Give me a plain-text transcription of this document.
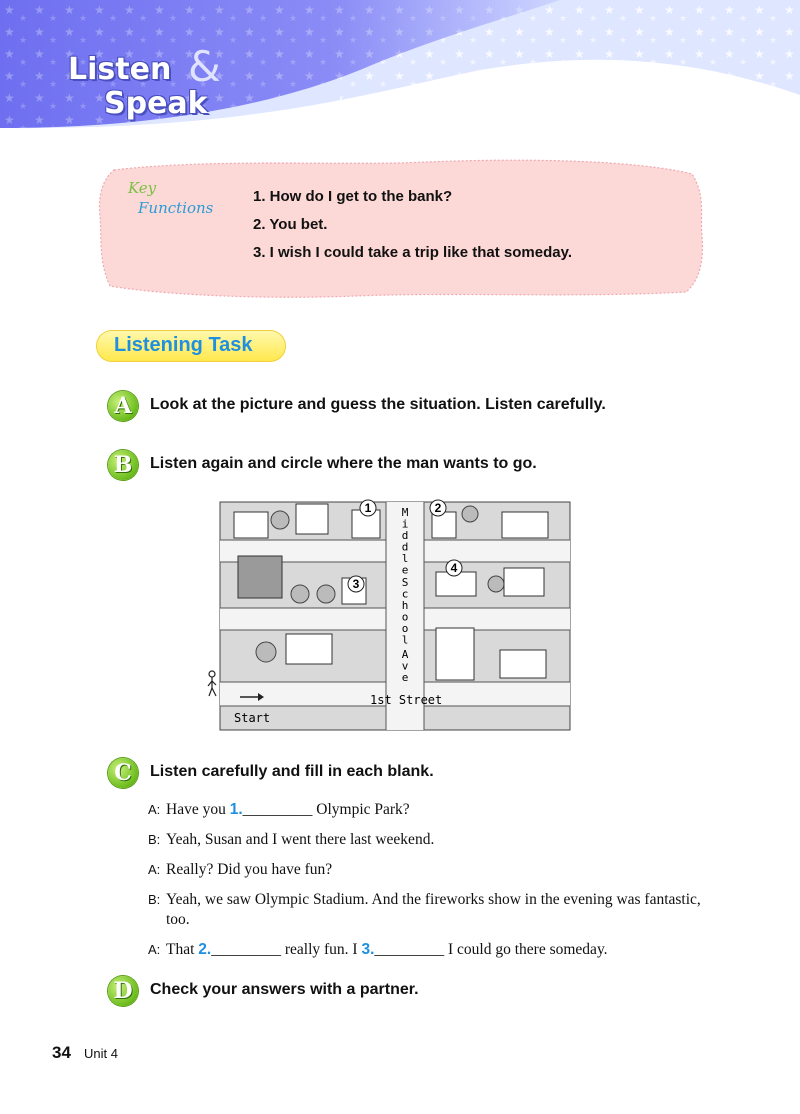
Listen &
Speak
Key
Functions
1. How do I get to the bank?
2. You bet.
3. I wish I could take a trip like that someday.
Listening Task
A	Look at the picture and guess the situation. Listen carefully.
B	Listen again and circle where the man wants to go.
1	2
3
4
M
i
d
d
l
e
S
c
h
o
o
l
A
v
e
1st Street
Start
C	Listen carefully and fill in each blank.
A: Have you 1._________ Olympic Park?
B: Yeah, Susan and I went there last weekend.
A: Really? Did you have fun?
B: Yeah, we saw Olympic Stadium. And the fireworks show in the evening was fantastic, too.
A: That 2._________ really fun. I 3._________ I could go there someday.
D	Check your answers with a partner.
34 Unit 4
